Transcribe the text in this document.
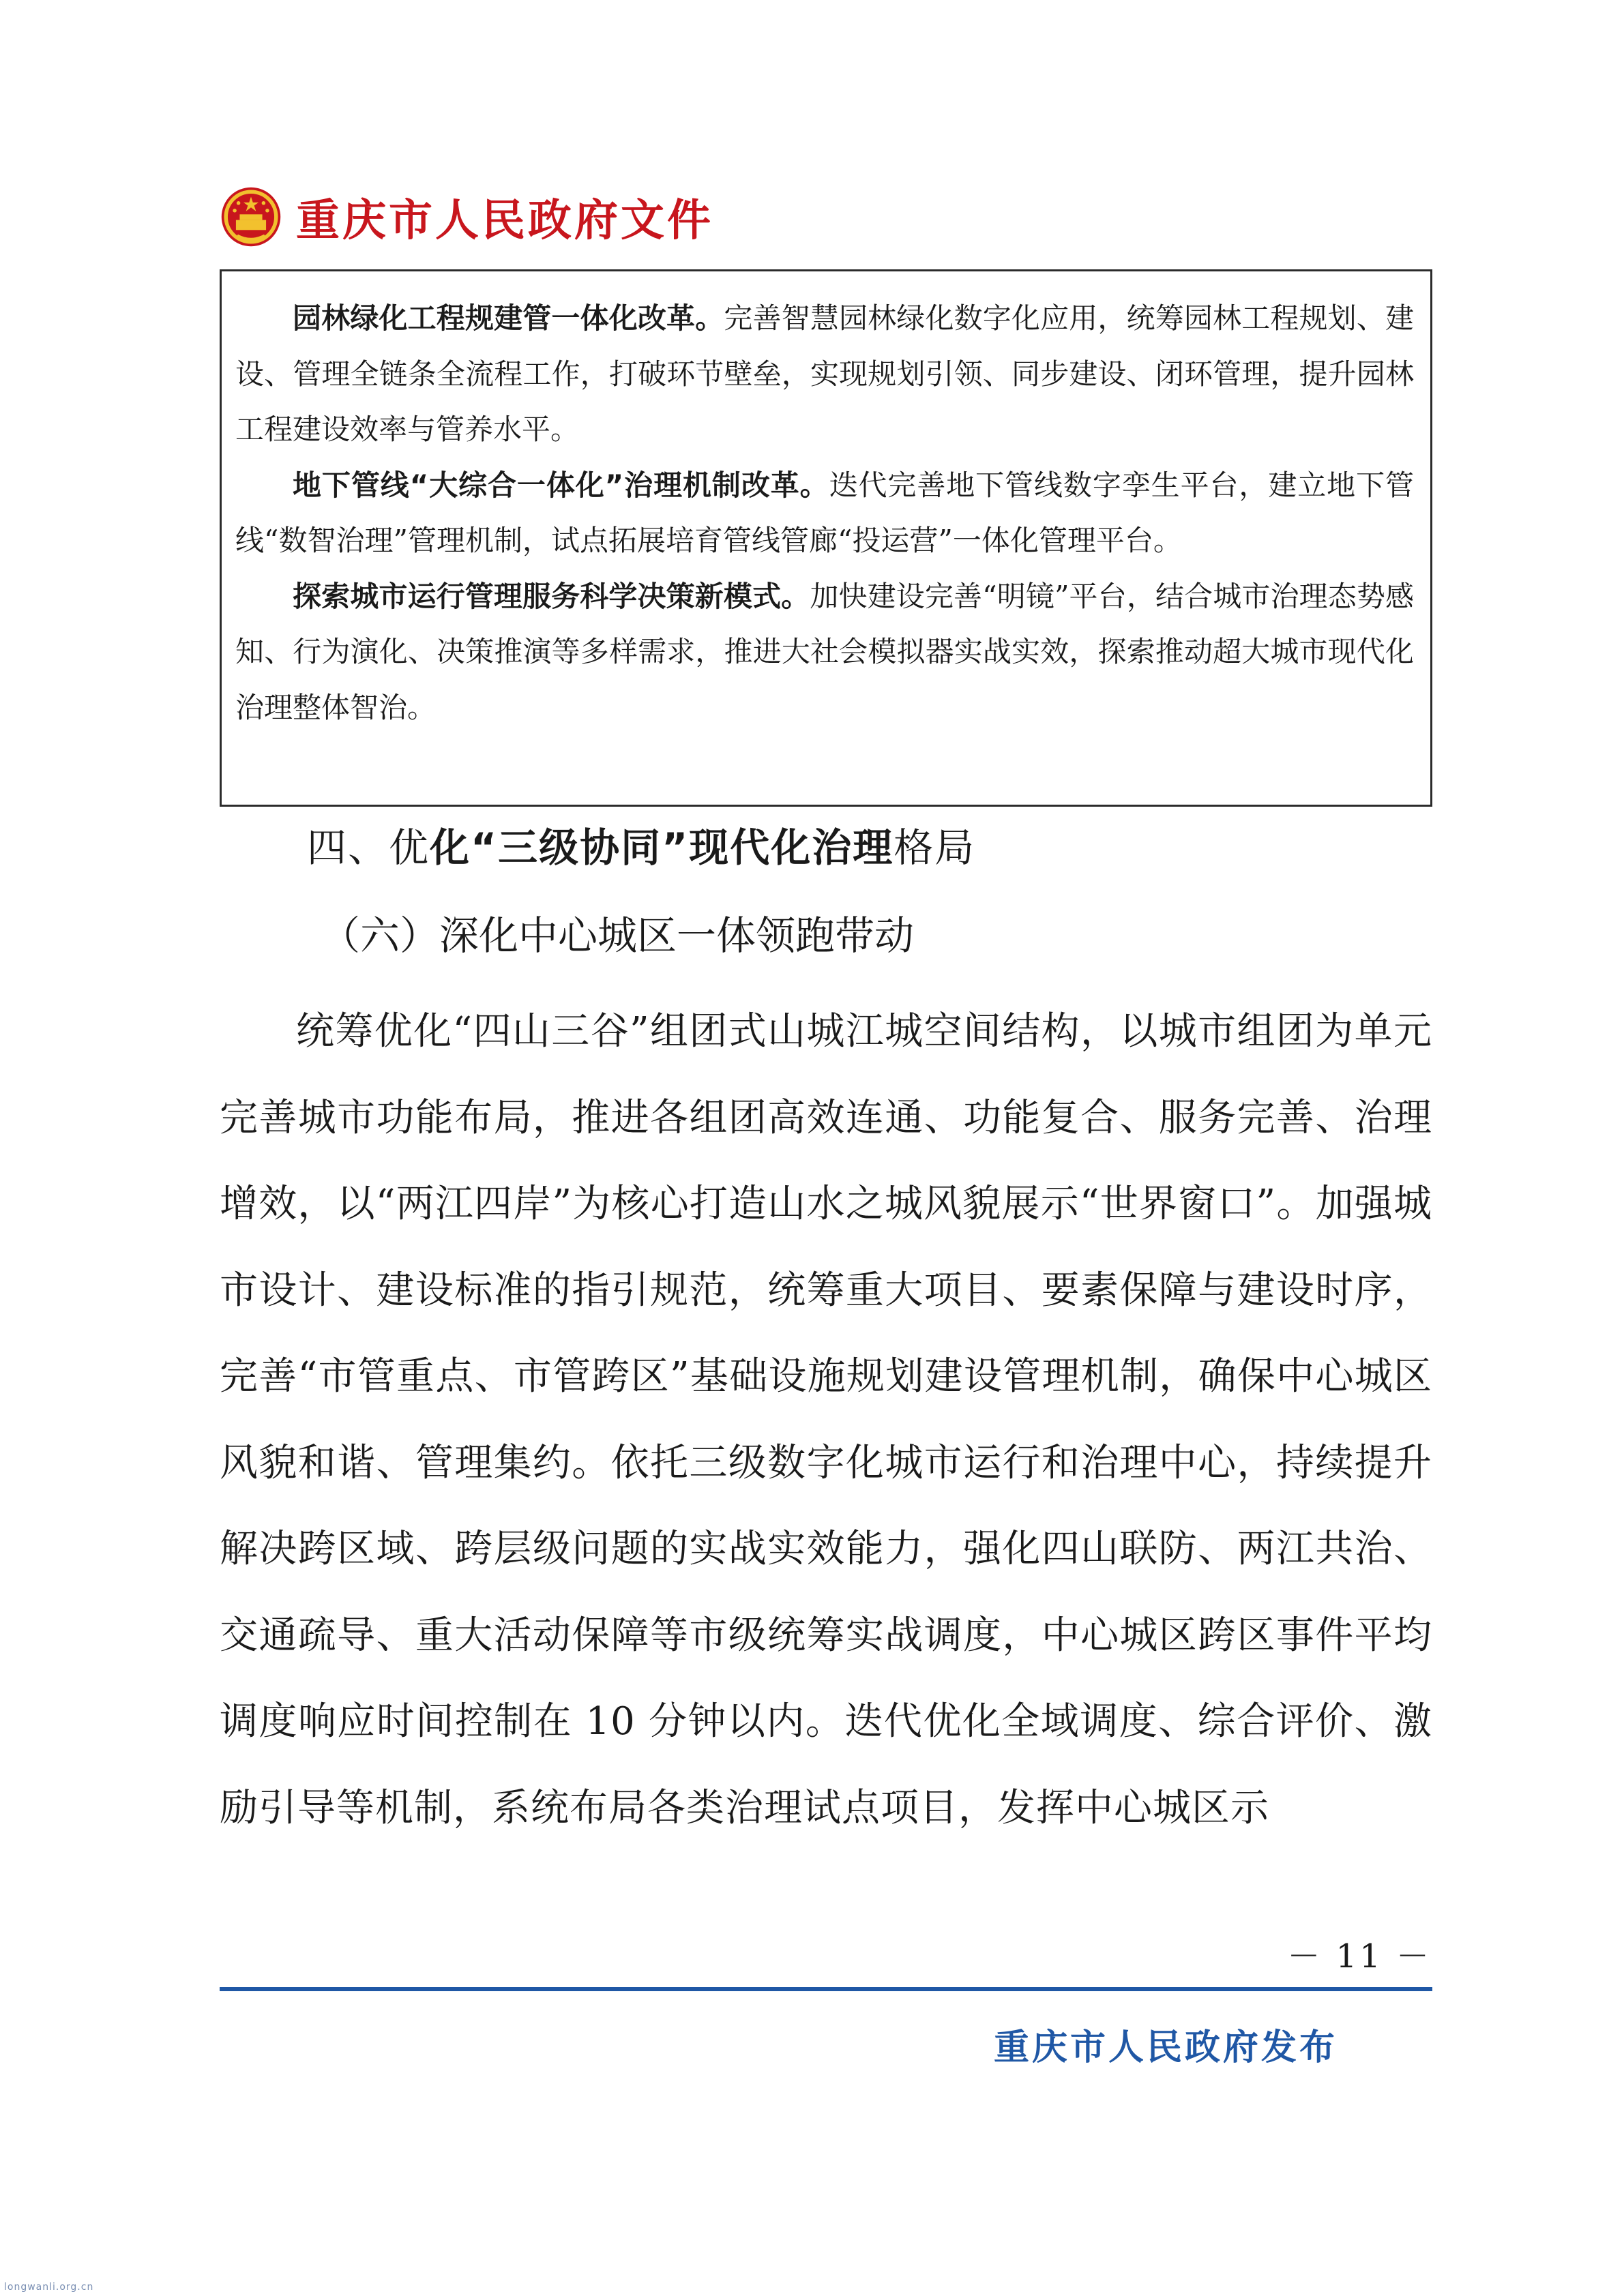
重庆市人民政府文件

园林绿化工程规建管一体化改革。完善智慧园林绿化数字化应用，统筹园林工程规划、建设、管理全链条全流程工作，打破环节壁垒，实现规划引领、同步建设、闭环管理，提升园林工程建设效率与管养水平。

地下管线“大综合一体化”治理机制改革。迭代完善地下管线数字孪生平台，建立地下管线“数智治理”管理机制，试点拓展培育管线管廊“投运营”一体化管理平台。

探索城市运行管理服务科学决策新模式。加快建设完善“明镜”平台，结合城市治理态势感知、行为演化、决策推演等多样需求，推进大社会模拟器实战实效，探索推动超大城市现代化治理整体智治。

四、优化“三级协同”现代化治理格局
（六）深化中心城区一体领跑带动

统筹优化“四山三谷”组团式山城江城空间结构，以城市组团为单元完善城市功能布局，推进各组团高效连通、功能复合、服务完善、治理增效，以“两江四岸”为核心打造山水之城风貌展示“世界窗口”。加强城市设计、建设标准的指引规范，统筹重大项目、要素保障与建设时序，完善“市管重点、市管跨区”基础设施规划建设管理机制，确保中心城区风貌和谐、管理集约。依托三级数字化城市运行和治理中心，持续提升解决跨区域、跨层级问题的实战实效能力，强化四山联防、两江共治、交通疏导、重大活动保障等市级统筹实战调度，中心城区跨区事件平均调度响应时间控制在 10 分钟以内。迭代优化全域调度、综合评价、激励引导等机制，系统布局各类治理试点项目，发挥中心城区示

－ 11 －
重庆市人民政府发布
longwanli.org.cn
